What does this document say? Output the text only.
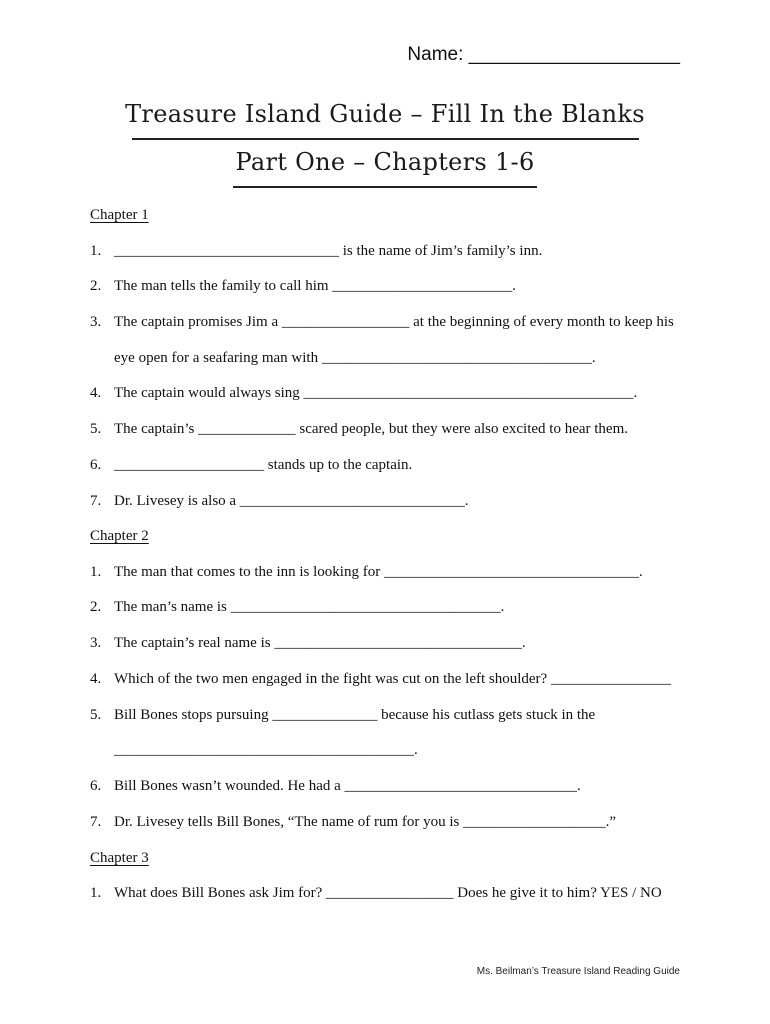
Name: ____________________
Treasure Island Guide – Fill In the Blanks
Part One – Chapters 1-6
Chapter 1
1. ______________________________ is the name of Jim’s family’s inn.
2. The man tells the family to call him ________________________.
3. The captain promises Jim a _________________ at the beginning of every month to keep his
eye open for a seafaring man with ____________________________________.
4. The captain would always sing ____________________________________________.
5. The captain’s _____________ scared people, but they were also excited to hear them.
6. ____________________ stands up to the captain.
7. Dr. Livesey is also a ______________________________.
Chapter 2
1. The man that comes to the inn is looking for __________________________________.
2. The man’s name is ____________________________________.
3. The captain’s real name is _________________________________.
4. Which of the two men engaged in the fight was cut on the left shoulder? ________________
5. Bill Bones stops pursuing ______________ because his cutlass gets stuck in the
________________________________________.
6. Bill Bones wasn’t wounded. He had a _______________________________.
7. Dr. Livesey tells Bill Bones, “The name of rum for you is ___________________.”
Chapter 3
1. What does Bill Bones ask Jim for? _________________ Does he give it to him? YES / NO
Ms. Beilman’s Treasure Island Reading Guide
